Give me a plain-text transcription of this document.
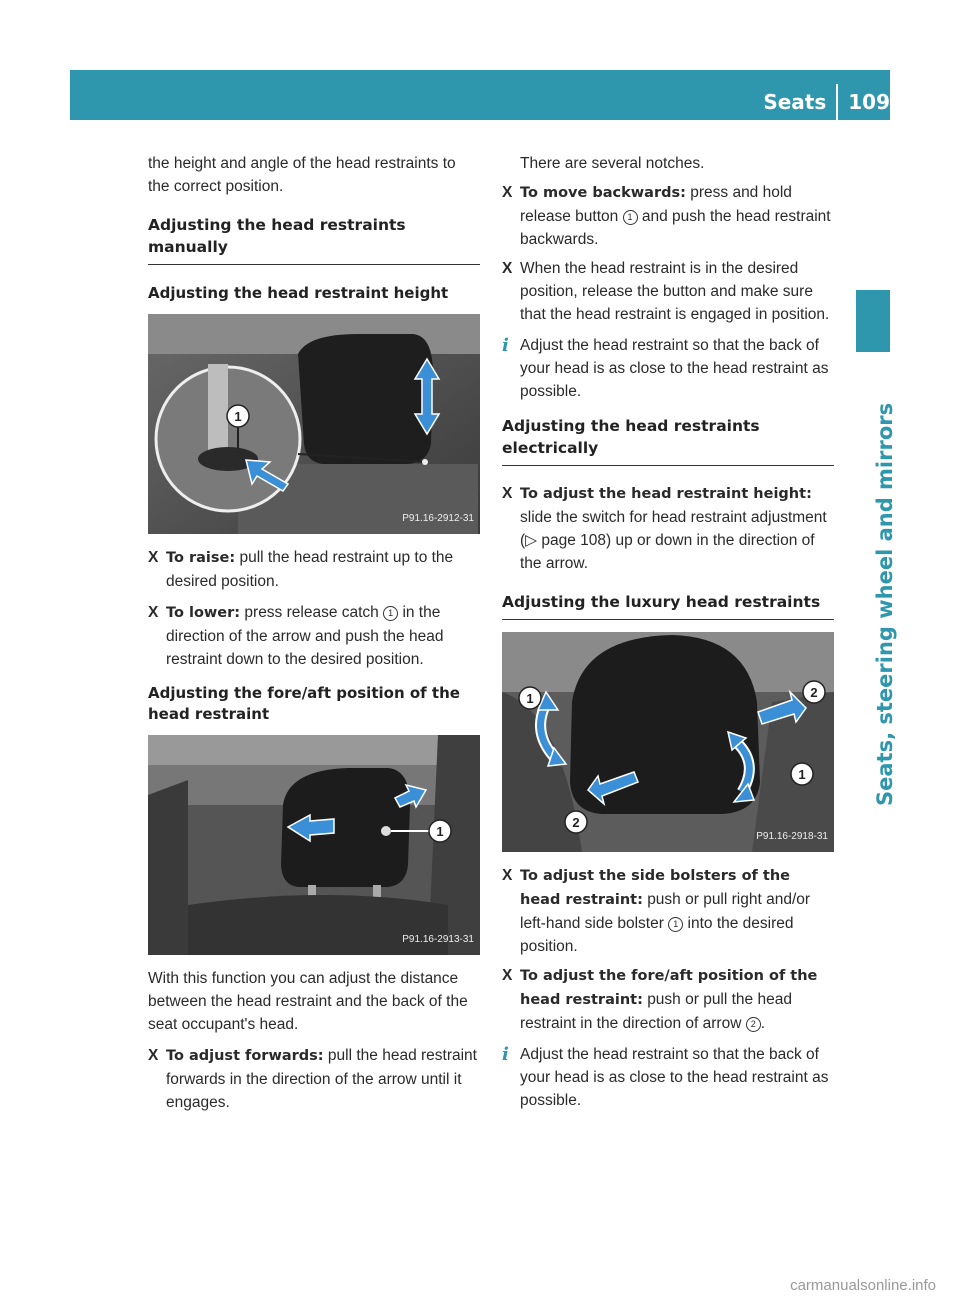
Seats 109
Seats, steering wheel and mirrors

the height and angle of the head restraints to the correct position.

Adjusting the head restraints manually
Adjusting the head restraint height
1
P91.16-2912-31
X To raise: pull the head restraint up to the desired position.
X To lower: press release catch 1 in the direction of the arrow and push the head restraint down to the desired position.
Adjusting the fore/aft position of the head restraint
1
P91.16-2913-31

With this function you can adjust the distance between the head restraint and the back of the seat occupant's head.

X To adjust forwards: pull the head restraint forwards in the direction of the arrow until it engages.

There are several notches.

X To move backwards: press and hold release button 1 and push the head restraint backwards.
X When the head restraint is in the desired position, release the button and make sure that the head restraint is engaged in position.
i Adjust the head restraint so that the back of your head is as close to the head restraint as possible.
Adjusting the head restraints electrically
X To adjust the head restraint height: slide the switch for head restraint adjustment (▷ page 108) up or down in the direction of the arrow.
Adjusting the luxury head restraints
1	2
1
2
P91.16-2918-31
X To adjust the side bolsters of the head restraint: push or pull right and/or left-hand side bolster 1 into the desired position.
X To adjust the fore/aft position of the head restraint: push or pull the head restraint in the direction of arrow 2 .
i Adjust the head restraint so that the back of your head is as close to the head restraint as possible.
carmanualsonline.info
